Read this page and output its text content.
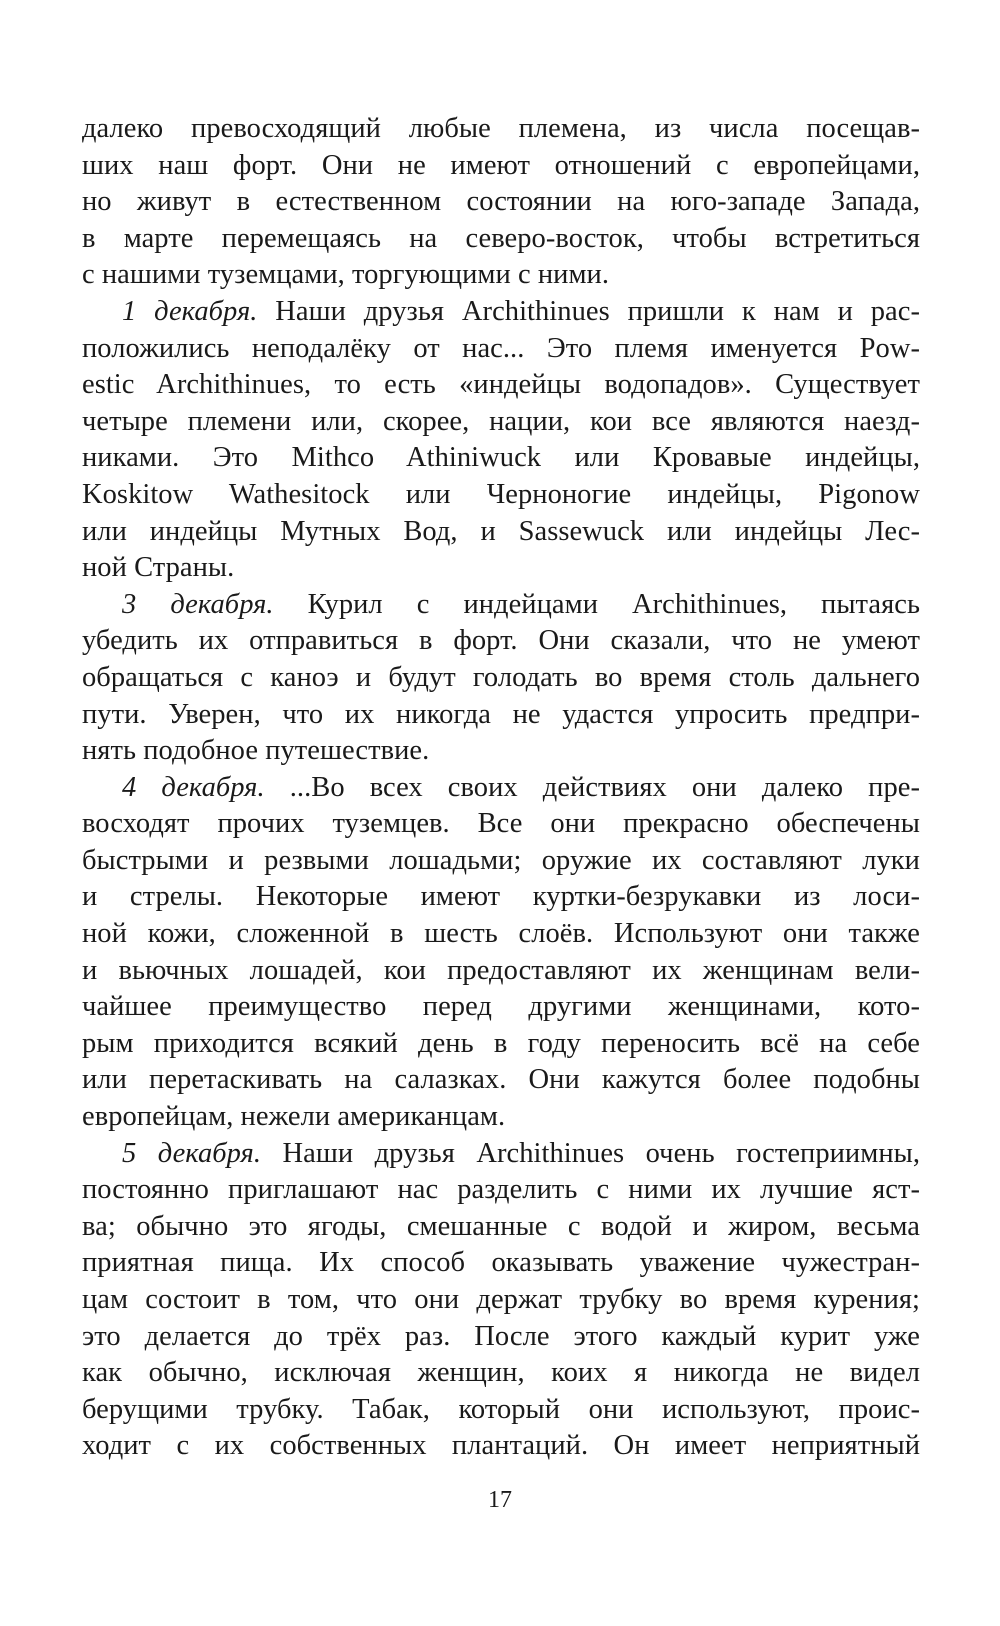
далеко превосходящий любые племена, из числа посещав-
ших наш форт. Они не имеют отношений с европейцами,
но живут в естественном состоянии на юго-западе Запада,
в марте перемещаясь на северо-восток, чтобы встретиться
с нашими туземцами, торгующими с ними.
1 декабря. Наши друзья Archithinues пришли к нам и рас-
положились неподалёку от нас... Это племя именуется Pow-
estic Archithinues, то есть «индейцы водопадов». Существует
четыре племени или, скорее, нации, кои все являются наезд-
никами. Это Mithco Athiniwuck или Кровавые индейцы,
Koskitow Wathesitock или Черноногие индейцы, Pigonow
или индейцы Мутных Вод, и Sassewuck или индейцы Лес-
ной Страны.
3 декабря. Курил с индейцами Archithinues, пытаясь
убедить их отправиться в форт. Они сказали, что не умеют
обращаться с каноэ и будут голодать во время столь дальнего
пути. Уверен, что их никогда не удастся упросить предпри-
нять подобное путешествие.
4 декабря. ...Во всех своих действиях они далеко пре-
восходят прочих туземцев. Все они прекрасно обеспечены
быстрыми и резвыми лошадьми; оружие их составляют луки
и стрелы. Некоторые имеют куртки-безрукавки из лоси-
ной кожи, сложенной в шесть слоёв. Используют они также
и вьючных лошадей, кои предоставляют их женщинам вели-
чайшее преимущество перед другими женщинами, кото-
рым приходится всякий день в году переносить всё на себе
или перетаскивать на салазках. Они кажутся более подобны
европейцам, нежели американцам.
5 декабря. Наши друзья Archithinues очень гостеприимны,
постоянно приглашают нас разделить с ними их лучшие яст-
ва; обычно это ягоды, смешанные с водой и жиром, весьма
приятная пища. Их способ оказывать уважение чужестран-
цам состоит в том, что они держат трубку во время курения;
это делается до трёх раз. После этого каждый курит уже
как обычно, исключая женщин, коих я никогда не видел
берущими трубку. Табак, который они используют, проис-
ходит с их собственных плантаций. Он имеет неприятный
17
